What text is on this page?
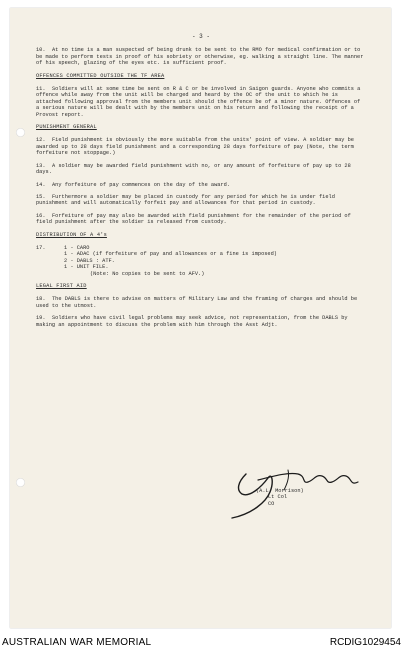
- 3 -
10. At no time is a man suspected of being drunk to be sent to the RMO for medical confirmation or to be made to perform tests in proof of his sobriety or otherwise, eg. walking a straight line. The manner of his speech, glazing of the eyes etc. is sufficient proof.
OFFENCES COMMITTED OUTSIDE THE TF AREA
11. Soldiers will at some time be sent on R & C or be involved in Saigon guards. Anyone who commits a offence while away from the unit will be charged and heard by the OC of the unit to which he is attached following approval from the members unit should the offence be of a minor nature. Offences of a serious nature will be dealt with by the members unit on his return and following the receipt of a Provost report.
PUNISHMENT GENERAL
12. Field punishment is obviously the more suitable from the units' point of view. A soldier may be awarded up to 28 days field punishment and a corresponding 28 days forfeiture of pay (Note, the term forfeiture not stoppage.)
13. A soldier may be awarded field punishment with no, or any amount of forfeiture of pay up to 28 days.
14. Any forfeiture of pay commences on the day of the award.
15. Furthermore a soldier may be placed in custody for any period for which he is under field punishment and will automatically forfeit pay and allowances for that period in custody.
16. Forfeiture of pay may also be awarded with field punishment for the remainder of the period of field punishment after the soldier is released from custody.
DISTRIBUTION OF A 4's
17.	1 - CARO
1 - ADAC (if forfeiture of pay and allowances or a fine is imposed)
2 - DABLS : ATF.
1 - UNIT FILE.
(Note: No copies to be sent to AFV.)
LEGAL FIRST AID
18. The DABLS is there to advise on matters of Military Law and the framing of charges and should be used to the utmost.
19. Soldiers who have civil legal problems may seek advice, not representation, from the DABLS by making an appointment to discuss the problem with him through the Asst Adjt.
(A.L. Morrison)
Lt Col
CO
AUSTRALIAN WAR MEMORIAL	RCDIG1029454
